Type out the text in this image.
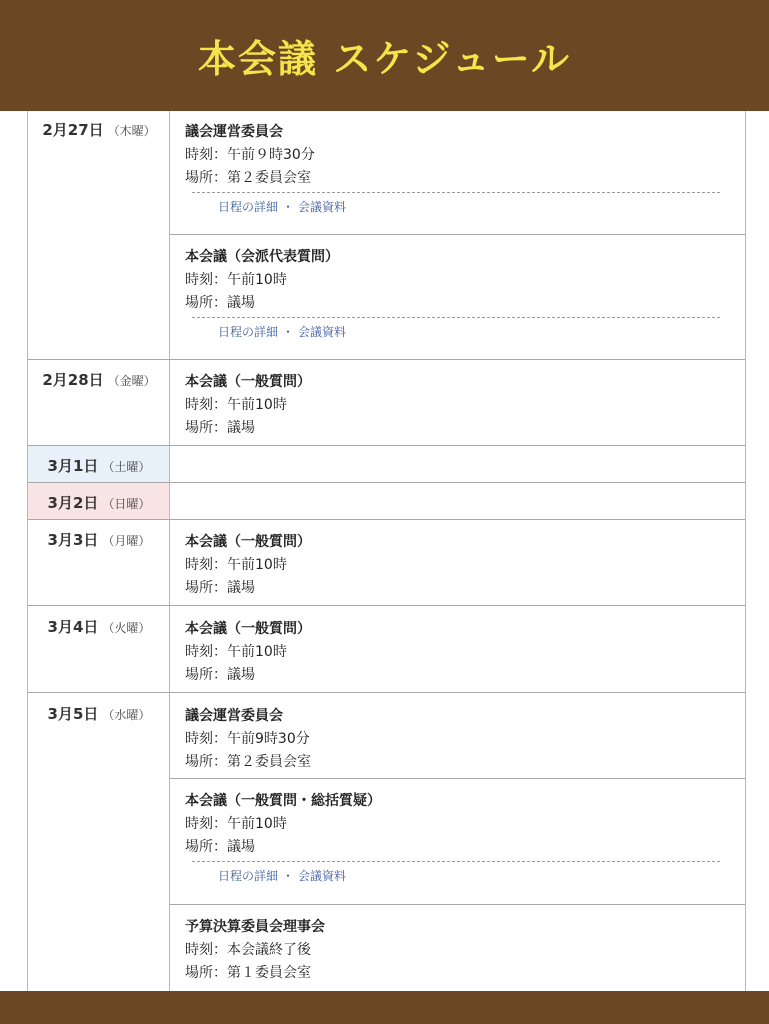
本会議 スケジュール
2月27日 （木曜）	議会運営委員会
時刻：午前９時30分
場所：第２委員会室
日程の詳細 ・ 会議資料
本会議（会派代表質問）
時刻：午前10時
場所：議場
日程の詳細 ・ 会議資料
2月28日 （金曜）	本会議（一般質問）
時刻：午前10時
場所：議場
3月1日 （土曜）
3月2日 （日曜）
3月3日 （月曜）	本会議（一般質問）
時刻：午前10時
場所：議場
3月4日 （火曜）	本会議（一般質問）
時刻：午前10時
場所：議場
3月5日 （水曜）	議会運営委員会
時刻：午前9時30分
場所：第２委員会室
本会議（一般質問・総括質疑）
時刻：午前10時
場所：議場
日程の詳細 ・ 会議資料
予算決算委員会理事会
時刻：本会議終了後
場所：第１委員会室
